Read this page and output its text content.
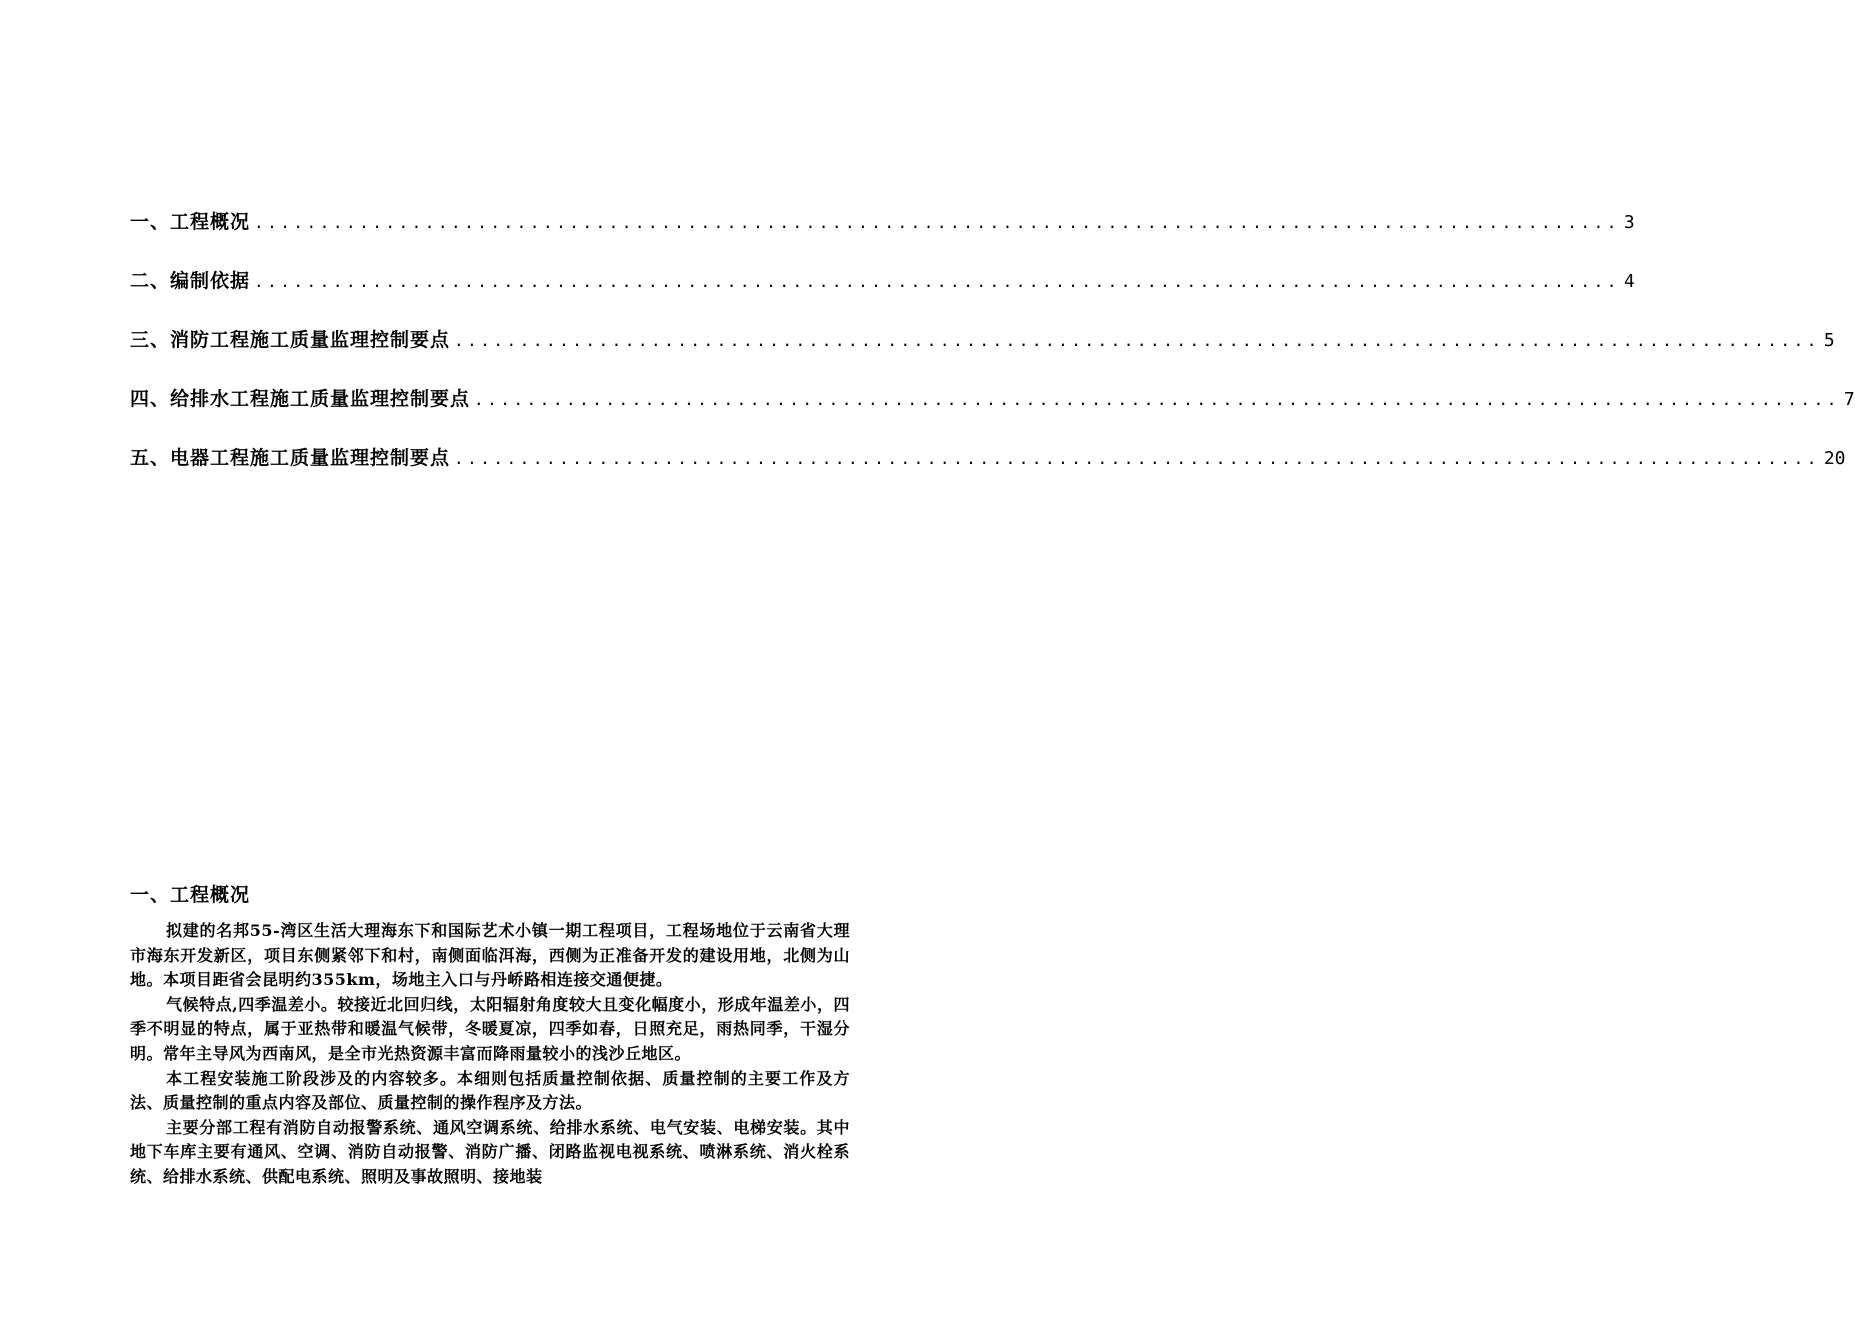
一、工程概况 ........................................................................................................ 3
二、编制依据 ........................................................................................................ 4
三、消防工程施工质量监理控制要点 ........................................................................................................ 5
四、给排水工程施工质量监理控制要点 ........................................................................................................ 7
五、电器工程施工质量监理控制要点 ........................................................................................................ 20
一、工程概况

拟建的名邦55-湾区生活大理海东下和国际艺术小镇一期工程项目，工程场地位于云南省大理市海东开发新区，项目东侧紧邻下和村，南侧面临洱海，西侧为正准备开发的建设用地，北侧为山地。本项目距省会昆明约355km，场地主入口与丹峤路相连接交通便捷。

气候特点,四季温差小。较接近北回归线，太阳辐射角度较大且变化幅度小，形成年温差小，四季不明显的特点，属于亚热带和暖温气候带，冬暖夏凉，四季如春，日照充足，雨热同季，干湿分明。常年主导风为西南风，是全市光热资源丰富而降雨量较小的浅沙丘地区。

本工程安装施工阶段涉及的内容较多。本细则包括质量控制依据、质量控制的主要工作及方法、质量控制的重点内容及部位、质量控制的操作程序及方法。

主要分部工程有消防自动报警系统、通风空调系统、给排水系统、电气安装、电梯安装。其中地下车库主要有通风、空调、消防自动报警、消防广播、闭路监视电视系统、喷淋系统、消火栓系统、给排水系统、供配电系统、照明及事故照明、接地装
